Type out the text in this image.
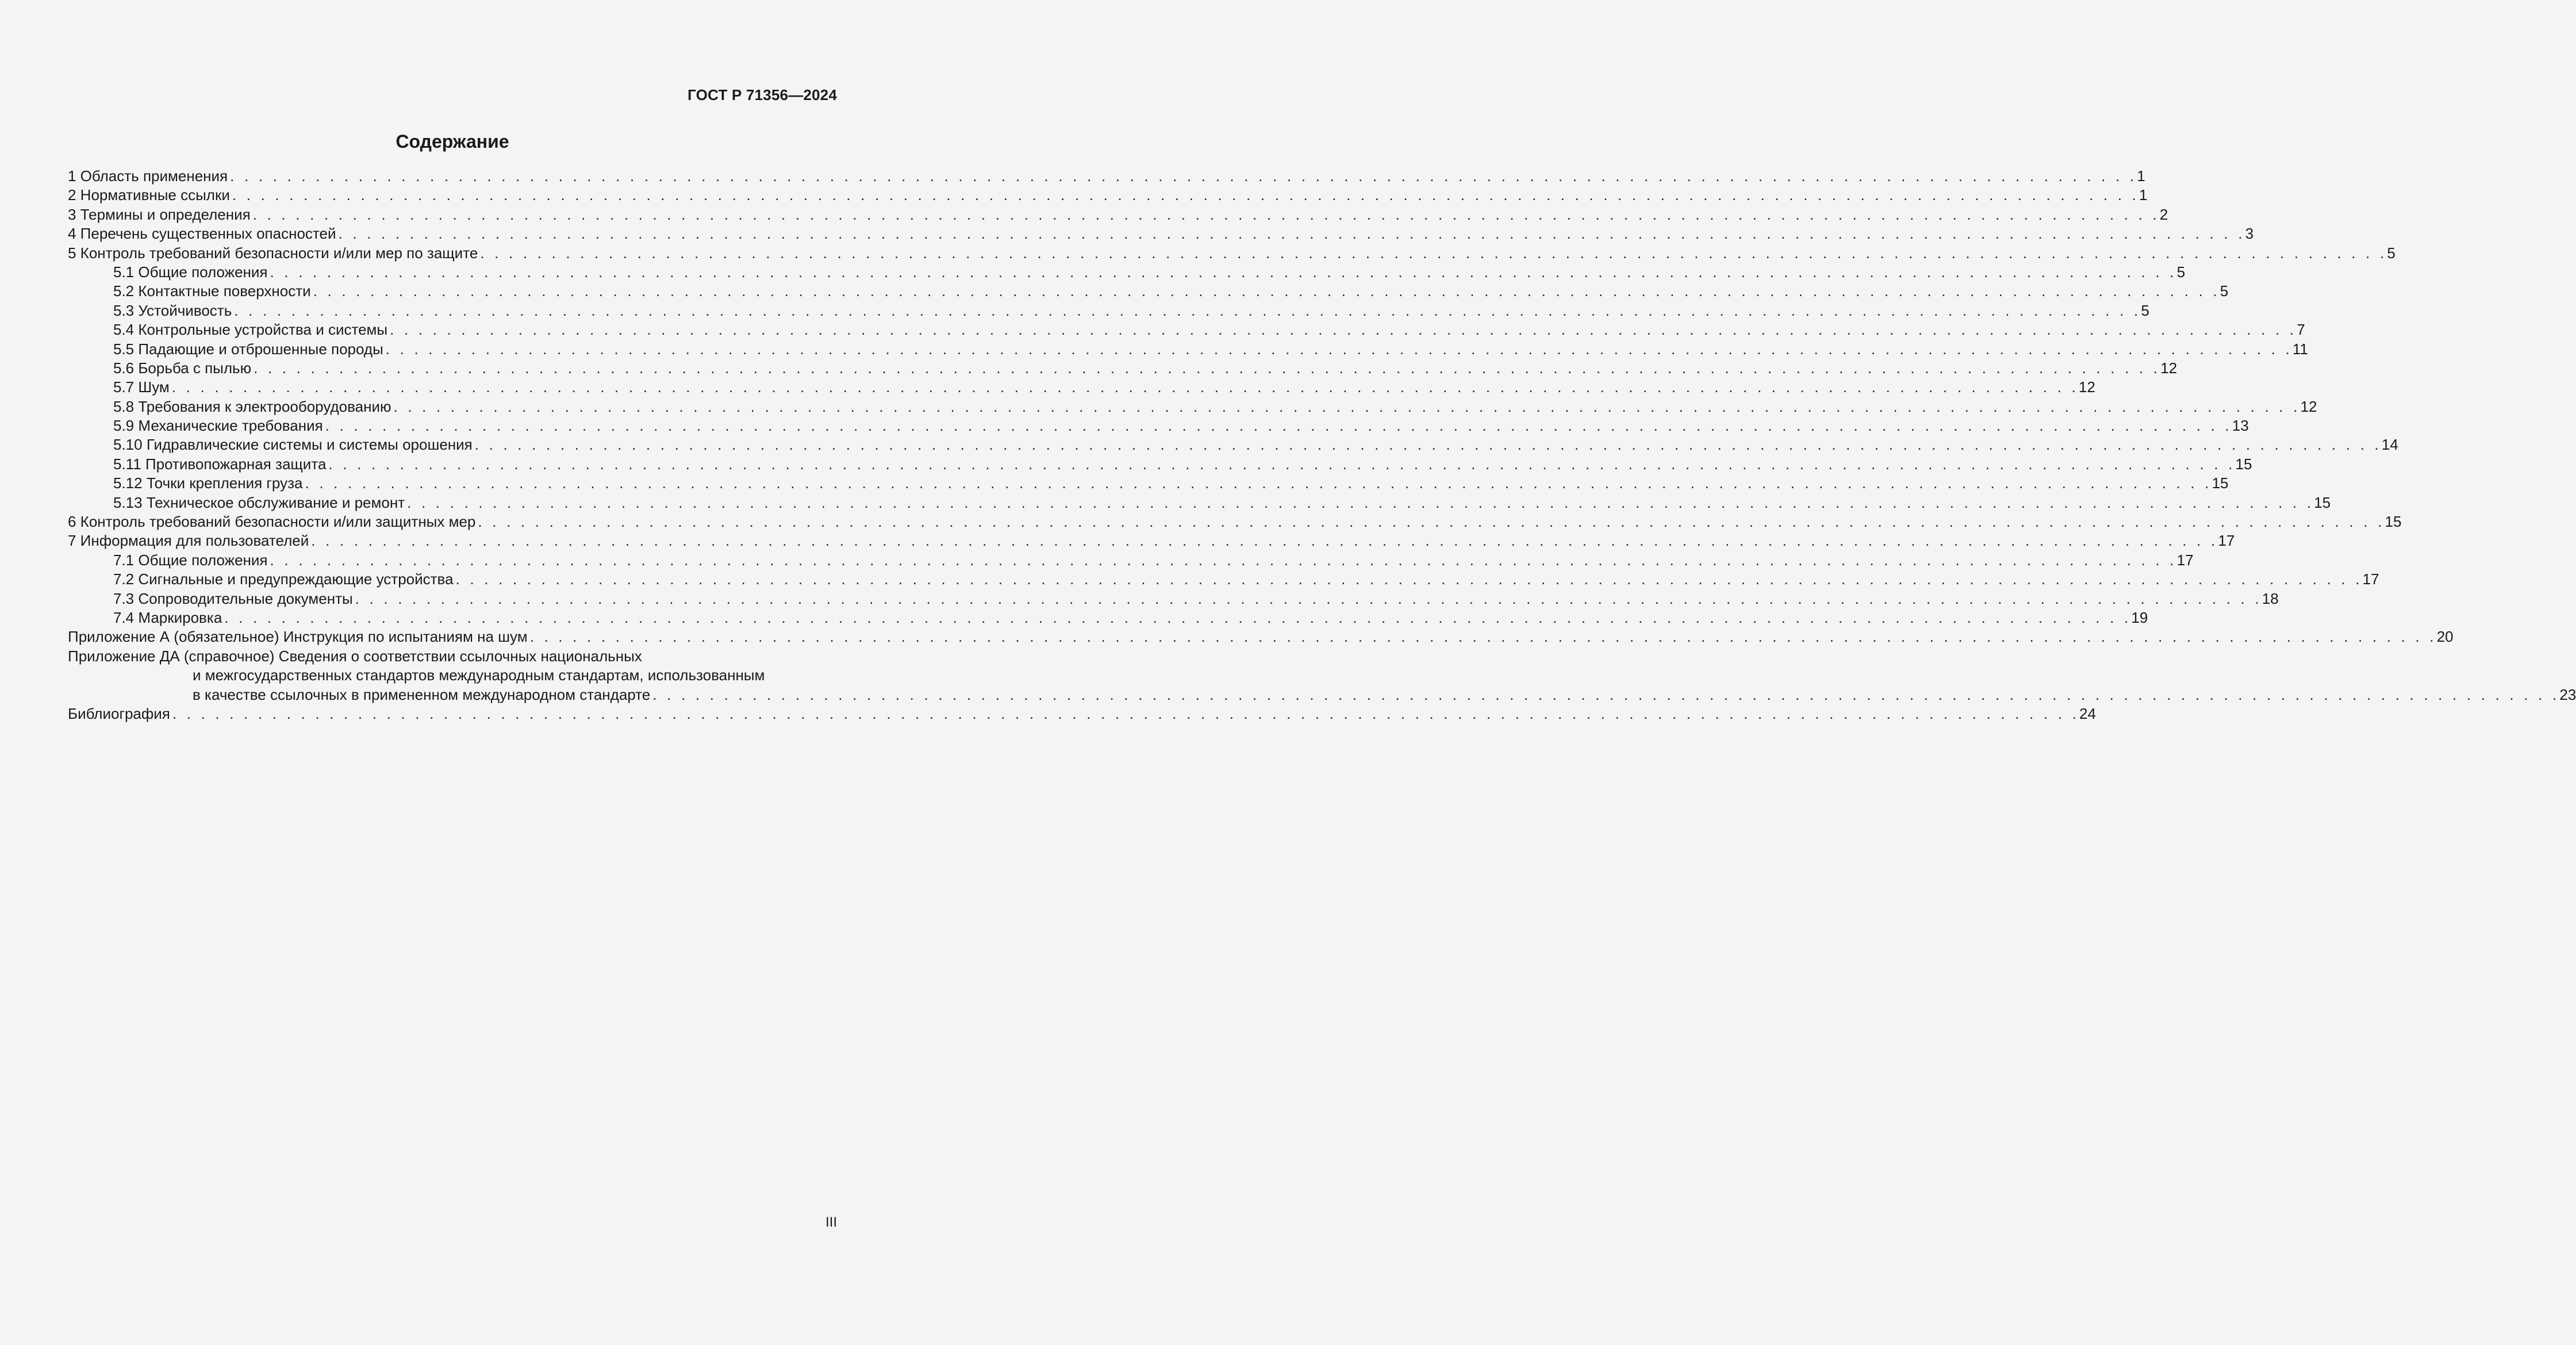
ГОСТ Р 71356—2024
Содержание
1 Область применения . . . . . . . . . . . . . . . . . . . . . . . . . . . . . . . . . . . . . . . . . . . . . . . . . . . . . . . . . . . . . . . . . . . . . . . . . . . . . . . . . . . . . . . . . . . . . . . . . . . . . . . . . . . . . . . . . . . . . . . . . . . . . . . . . . . . . . 1
2 Нормативные ссылки . . . . . . . . . . . . . . . . . . . . . . . . . . . . . . . . . . . . . . . . . . . . . . . . . . . . . . . . . . . . . . . . . . . . . . . . . . . . . . . . . . . . . . . . . . . . . . . . . . . . . . . . . . . . . . . . . . . . . . . . . . . . . . . . . . . . . . 1
3 Термины и определения . . . . . . . . . . . . . . . . . . . . . . . . . . . . . . . . . . . . . . . . . . . . . . . . . . . . . . . . . . . . . . . . . . . . . . . . . . . . . . . . . . . . . . . . . . . . . . . . . . . . . . . . . . . . . . . . . . . . . . . . . . . . . . . . . . . . . . 2
4 Перечень существенных опасностей . . . . . . . . . . . . . . . . . . . . . . . . . . . . . . . . . . . . . . . . . . . . . . . . . . . . . . . . . . . . . . . . . . . . . . . . . . . . . . . . . . . . . . . . . . . . . . . . . . . . . . . . . . . . . . . . . . . . . . . . . . . . . . . . . . . . . . 3
5 Контроль требований безопасности и/или мер по защите . . . . . . . . . . . . . . . . . . . . . . . . . . . . . . . . . . . . . . . . . . . . . . . . . . . . . . . . . . . . . . . . . . . . . . . . . . . . . . . . . . . . . . . . . . . . . . . . . . . . . . . . . . . . . . . . . . . . . . . . . . . . . . . . . . . . . . 5
5.1 Общие положения . . . . . . . . . . . . . . . . . . . . . . . . . . . . . . . . . . . . . . . . . . . . . . . . . . . . . . . . . . . . . . . . . . . . . . . . . . . . . . . . . . . . . . . . . . . . . . . . . . . . . . . . . . . . . . . . . . . . . . . . . . . . . . . . . . . . . . 5
5.2 Контактные поверхности . . . . . . . . . . . . . . . . . . . . . . . . . . . . . . . . . . . . . . . . . . . . . . . . . . . . . . . . . . . . . . . . . . . . . . . . . . . . . . . . . . . . . . . . . . . . . . . . . . . . . . . . . . . . . . . . . . . . . . . . . . . . . . . . . . . . . . 5
5.3 Устойчивость . . . . . . . . . . . . . . . . . . . . . . . . . . . . . . . . . . . . . . . . . . . . . . . . . . . . . . . . . . . . . . . . . . . . . . . . . . . . . . . . . . . . . . . . . . . . . . . . . . . . . . . . . . . . . . . . . . . . . . . . . . . . . . . . . . . . . . 5
5.4 Контрольные устройства и системы . . . . . . . . . . . . . . . . . . . . . . . . . . . . . . . . . . . . . . . . . . . . . . . . . . . . . . . . . . . . . . . . . . . . . . . . . . . . . . . . . . . . . . . . . . . . . . . . . . . . . . . . . . . . . . . . . . . . . . . . . . . . . . . . . . . . . . 7
5.5 Падающие и отброшенные породы . . . . . . . . . . . . . . . . . . . . . . . . . . . . . . . . . . . . . . . . . . . . . . . . . . . . . . . . . . . . . . . . . . . . . . . . . . . . . . . . . . . . . . . . . . . . . . . . . . . . . . . . . . . . . . . . . . . . . . . . . . . . . . . . . . . . . . 11
5.6 Борьба с пылью . . . . . . . . . . . . . . . . . . . . . . . . . . . . . . . . . . . . . . . . . . . . . . . . . . . . . . . . . . . . . . . . . . . . . . . . . . . . . . . . . . . . . . . . . . . . . . . . . . . . . . . . . . . . . . . . . . . . . . . . . . . . . . . . . . . . . . 12
5.7 Шум . . . . . . . . . . . . . . . . . . . . . . . . . . . . . . . . . . . . . . . . . . . . . . . . . . . . . . . . . . . . . . . . . . . . . . . . . . . . . . . . . . . . . . . . . . . . . . . . . . . . . . . . . . . . . . . . . . . . . . . . . . . . . . . . . . . . . . 12
5.8 Требования к электрооборудованию . . . . . . . . . . . . . . . . . . . . . . . . . . . . . . . . . . . . . . . . . . . . . . . . . . . . . . . . . . . . . . . . . . . . . . . . . . . . . . . . . . . . . . . . . . . . . . . . . . . . . . . . . . . . . . . . . . . . . . . . . . . . . . . . . . . . . . 12
5.9 Механические требования . . . . . . . . . . . . . . . . . . . . . . . . . . . . . . . . . . . . . . . . . . . . . . . . . . . . . . . . . . . . . . . . . . . . . . . . . . . . . . . . . . . . . . . . . . . . . . . . . . . . . . . . . . . . . . . . . . . . . . . . . . . . . . . . . . . . . . 13
5.10 Гидравлические системы и системы орошения . . . . . . . . . . . . . . . . . . . . . . . . . . . . . . . . . . . . . . . . . . . . . . . . . . . . . . . . . . . . . . . . . . . . . . . . . . . . . . . . . . . . . . . . . . . . . . . . . . . . . . . . . . . . . . . . . . . . . . . . . . . . . . . . . . . . . . 14
5.11 Противопожарная защита . . . . . . . . . . . . . . . . . . . . . . . . . . . . . . . . . . . . . . . . . . . . . . . . . . . . . . . . . . . . . . . . . . . . . . . . . . . . . . . . . . . . . . . . . . . . . . . . . . . . . . . . . . . . . . . . . . . . . . . . . . . . . . . . . . . . . . 15
5.12 Точки крепления груза . . . . . . . . . . . . . . . . . . . . . . . . . . . . . . . . . . . . . . . . . . . . . . . . . . . . . . . . . . . . . . . . . . . . . . . . . . . . . . . . . . . . . . . . . . . . . . . . . . . . . . . . . . . . . . . . . . . . . . . . . . . . . . . . . . . . . . 15
5.13 Техническое обслуживание и ремонт . . . . . . . . . . . . . . . . . . . . . . . . . . . . . . . . . . . . . . . . . . . . . . . . . . . . . . . . . . . . . . . . . . . . . . . . . . . . . . . . . . . . . . . . . . . . . . . . . . . . . . . . . . . . . . . . . . . . . . . . . . . . . . . . . . . . . . 15
6 Контроль требований безопасности и/или защитных мер . . . . . . . . . . . . . . . . . . . . . . . . . . . . . . . . . . . . . . . . . . . . . . . . . . . . . . . . . . . . . . . . . . . . . . . . . . . . . . . . . . . . . . . . . . . . . . . . . . . . . . . . . . . . . . . . . . . . . . . . . . . . . . . . . . . . . . 15
7 Информация для пользователей . . . . . . . . . . . . . . . . . . . . . . . . . . . . . . . . . . . . . . . . . . . . . . . . . . . . . . . . . . . . . . . . . . . . . . . . . . . . . . . . . . . . . . . . . . . . . . . . . . . . . . . . . . . . . . . . . . . . . . . . . . . . . . . . . . . . . . 17
7.1 Общие положения . . . . . . . . . . . . . . . . . . . . . . . . . . . . . . . . . . . . . . . . . . . . . . . . . . . . . . . . . . . . . . . . . . . . . . . . . . . . . . . . . . . . . . . . . . . . . . . . . . . . . . . . . . . . . . . . . . . . . . . . . . . . . . . . . . . . . . 17
7.2 Сигнальные и предупреждающие устройства . . . . . . . . . . . . . . . . . . . . . . . . . . . . . . . . . . . . . . . . . . . . . . . . . . . . . . . . . . . . . . . . . . . . . . . . . . . . . . . . . . . . . . . . . . . . . . . . . . . . . . . . . . . . . . . . . . . . . . . . . . . . . . . . . . . . . . 17
7.3 Сопроводительные документы . . . . . . . . . . . . . . . . . . . . . . . . . . . . . . . . . . . . . . . . . . . . . . . . . . . . . . . . . . . . . . . . . . . . . . . . . . . . . . . . . . . . . . . . . . . . . . . . . . . . . . . . . . . . . . . . . . . . . . . . . . . . . . . . . . . . . . 18
7.4 Маркировка . . . . . . . . . . . . . . . . . . . . . . . . . . . . . . . . . . . . . . . . . . . . . . . . . . . . . . . . . . . . . . . . . . . . . . . . . . . . . . . . . . . . . . . . . . . . . . . . . . . . . . . . . . . . . . . . . . . . . . . . . . . . . . . . . . . . . . 19
Приложение А (обязательное) Инструкция по испытаниям на шум . . . . . . . . . . . . . . . . . . . . . . . . . . . . . . . . . . . . . . . . . . . . . . . . . . . . . . . . . . . . . . . . . . . . . . . . . . . . . . . . . . . . . . . . . . . . . . . . . . . . . . . . . . . . . . . . . . . . . . . . . . . . . . . . . . . . . . 20
Приложение ДА (справочное) Сведения о соответствии ссылочных национальных
и межгосударственных стандартов международным стандартам, использованным
в качестве ссылочных в примененном международном стандарте . . . . . . . . . . . . . . . . . . . . . . . . . . . . . . . . . . . . . . . . . . . . . . . . . . . . . . . . . . . . . . . . . . . . . . . . . . . . . . . . . . . . . . . . . . . . . . . . . . . . . . . . . . . . . . . . . . . . . . . . . . . . . . . . . . . . . . 23
Библиография . . . . . . . . . . . . . . . . . . . . . . . . . . . . . . . . . . . . . . . . . . . . . . . . . . . . . . . . . . . . . . . . . . . . . . . . . . . . . . . . . . . . . . . . . . . . . . . . . . . . . . . . . . . . . . . . . . . . . . . . . . . . . . . . . . . . . . 24
III
